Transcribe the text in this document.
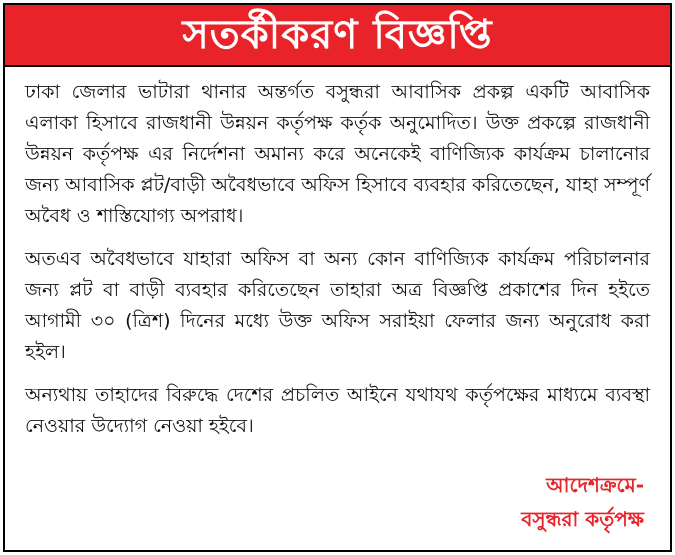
সতর্কীকরণ বিজ্ঞপ্তি

ঢাকা জেলার ভাটারা থানার অন্তর্গত বসুন্ধরা আবাসিক প্রকল্প একটি আবাসিক এলাকা হিসাবে রাজধানী উন্নয়ন কর্তৃপক্ষ কর্তৃক অনুমোদিত। উক্ত প্রকল্পে রাজধানী উন্নয়ন কর্তৃপক্ষ এর নির্দেশনা অমান্য করে অনেকেই বাণিজ্যিক কার্যক্রম চালানোর জন্য আবাসিক প্লট/বাড়ী অবৈধভাবে অফিস হিসাবে ব্যবহার করিতেছেন, যাহা সম্পূর্ণ অবৈধ ও শাস্তিযোগ্য অপরাধ।

অতএব অবৈধভাবে যাহারা অফিস বা অন্য কোন বাণিজ্যিক কার্যক্রম পরিচালনার জন্য প্লট বা বাড়ী ব্যবহার করিতেছেন তাহারা অত্র বিজ্ঞপ্তি প্রকাশের দিন হইতে আগামী ৩০ (ত্রিশ) দিনের মধ্যে উক্ত অফিস সরাইয়া ফেলার জন্য অনুরোধ করা হইল।

অন্যথায় তাহাদের বিরুদ্ধে দেশের প্রচলিত আইনে যথাযথ কর্তৃপক্ষের মাধ্যমে ব্যবস্থা নেওয়ার উদ্যোগ নেওয়া হইবে।

আদেশক্রমে-
বসুন্ধরা কর্তৃপক্ষ
